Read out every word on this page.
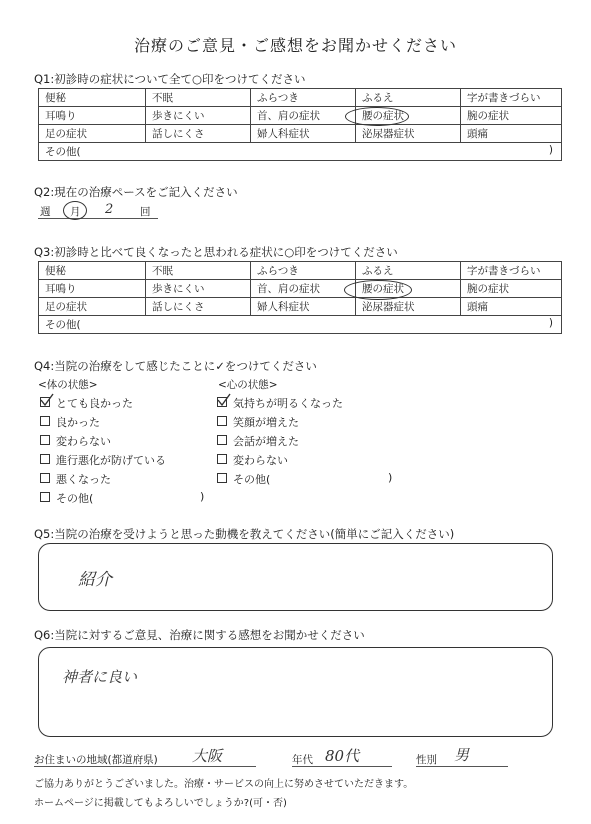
治療のご意見・ご感想をお聞かせください
Q1:初診時の症状について全て○印をつけてください
便秘	不眠	ふらつき	ふるえ	字が書きづらい
耳鳴り	歩きにくい	首、肩の症状	腰の症状	腕の症状
足の症状	話しにくさ	婦人科症状	泌尿器症状	頭痛
その他( )				
Q2:現在の治療ペースをご記入ください
週 月 2	回
Q3:初診時と比べて良くなったと思われる症状に○印をつけてください
便秘	不眠	ふらつき	ふるえ	字が書きづらい
耳鳴り	歩きにくい	首、肩の症状	腰の症状	腕の症状
足の症状	話しにくさ	婦人科症状	泌尿器症状	頭痛
その他( )				
Q4:当院の治療をして感じたことに✓をつけてください
<体の状態>	<心の状態>
とても良かった
良かった
変わらない
進行悪化が防げている
悪くなった
その他(	)
気持ちが明るくなった
笑顔が増えた
会話が増えた
変わらない
その他(	)
Q5:当院の治療を受けようと思った動機を教えてください(簡単にご記入ください)
紹介
Q6:当院に対するご意見、治療に関する感想をお聞かせください
神者に良い
お住まいの地域(都道府県) 大阪	年代 80代	性別 男
ご協力ありがとうございました。治療・サービスの向上に努めさせていただきます。
ホームページに掲載してもよろしいでしょうか?(可・否)
